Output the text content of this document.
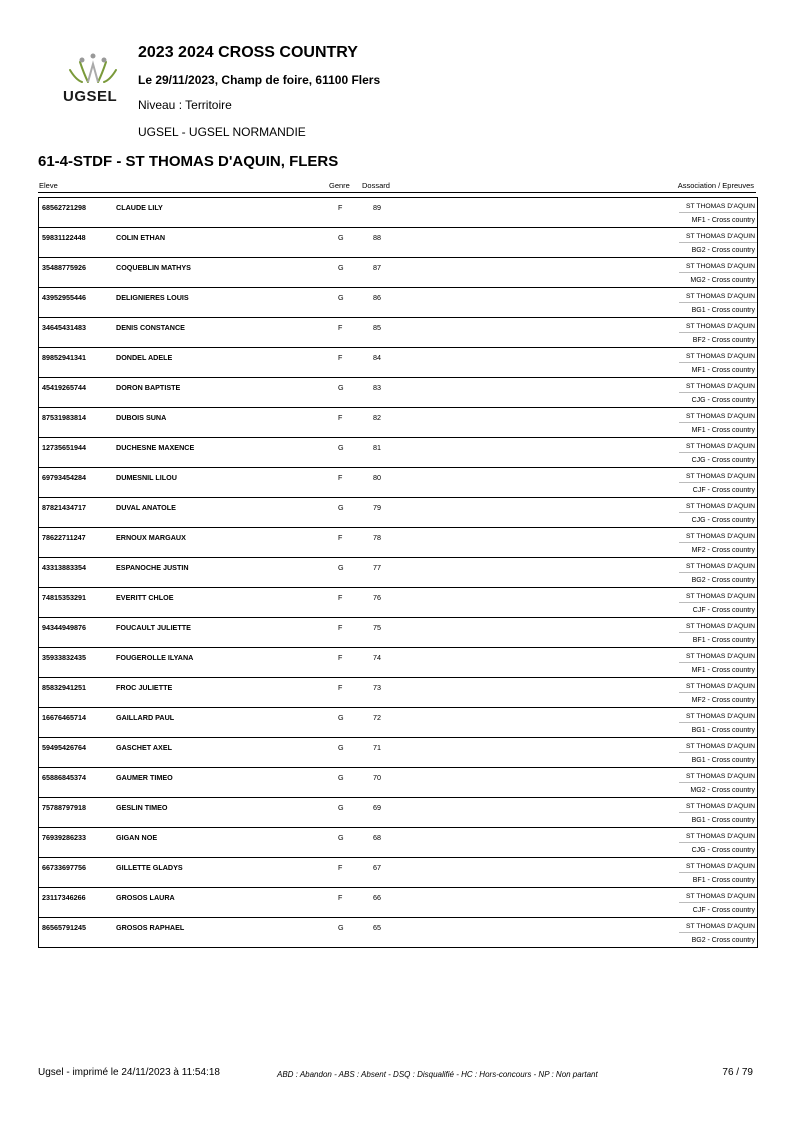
UGSEL
2023 2024 CROSS COUNTRY
Le 29/11/2023, Champ de foire, 61100 Flers
Niveau : Territoire
UGSEL - UGSEL NORMANDIE
61-4-STDF - ST THOMAS D'AQUIN, FLERS
Eleve	Genre Dossard	Association / Epreuves
68562721298	CLAUDE LILY	F	89	ST THOMAS D'AQUIN
MF1 - Cross country
59831122448	COLIN ETHAN	G	88	ST THOMAS D'AQUIN
BG2 - Cross country
35488775926	COQUEBLIN MATHYS	G	87	ST THOMAS D'AQUIN
MG2 - Cross country
43952955446	DELIGNIERES LOUIS	G	86	ST THOMAS D'AQUIN
BG1 - Cross country
34645431483	DENIS CONSTANCE	F	85	ST THOMAS D'AQUIN
BF2 - Cross country
89852941341	DONDEL ADELE	F	84	ST THOMAS D'AQUIN
MF1 - Cross country
45419265744	DORON BAPTISTE	G	83	ST THOMAS D'AQUIN
CJG - Cross country
87531983814	DUBOIS SUNA	F	82	ST THOMAS D'AQUIN
MF1 - Cross country
12735651944	DUCHESNE MAXENCE	G	81	ST THOMAS D'AQUIN
CJG - Cross country
69793454284	DUMESNIL LILOU	F	80	ST THOMAS D'AQUIN
CJF - Cross country
87821434717	DUVAL ANATOLE	G	79	ST THOMAS D'AQUIN
CJG - Cross country
78622711247	ERNOUX MARGAUX	F	78	ST THOMAS D'AQUIN
MF2 - Cross country
43313883354	ESPANOCHE JUSTIN	G	77	ST THOMAS D'AQUIN
BG2 - Cross country
74815353291	EVERITT CHLOE	F	76	ST THOMAS D'AQUIN
CJF - Cross country
94344949876	FOUCAULT JULIETTE	F	75	ST THOMAS D'AQUIN
BF1 - Cross country
35933832435	FOUGEROLLE ILYANA	F	74	ST THOMAS D'AQUIN
MF1 - Cross country
85832941251	FROC JULIETTE	F	73	ST THOMAS D'AQUIN
MF2 - Cross country
16676465714	GAILLARD PAUL	G	72	ST THOMAS D'AQUIN
BG1 - Cross country
59495426764	GASCHET AXEL	G	71	ST THOMAS D'AQUIN
BG1 - Cross country
65886845374	GAUMER TIMEO	G	70	ST THOMAS D'AQUIN
MG2 - Cross country
75788797918	GESLIN TIMEO	G	69	ST THOMAS D'AQUIN
BG1 - Cross country
76939286233	GIGAN NOE	G	68	ST THOMAS D'AQUIN
CJG - Cross country
66733697756	GILLETTE GLADYS	F	67	ST THOMAS D'AQUIN
BF1 - Cross country
23117346266	GROSOS LAURA	F	66	ST THOMAS D'AQUIN
CJF - Cross country
86565791245	GROSOS RAPHAEL	G	65	ST THOMAS D'AQUIN
BG2 - Cross country
Ugsel - imprimé le 24/11/2023 à 11:54:18	ABD : Abandon - ABS : Absent - DSQ : Disqualifié - HC : Hors-concours - NP : Non partant	76 / 79
